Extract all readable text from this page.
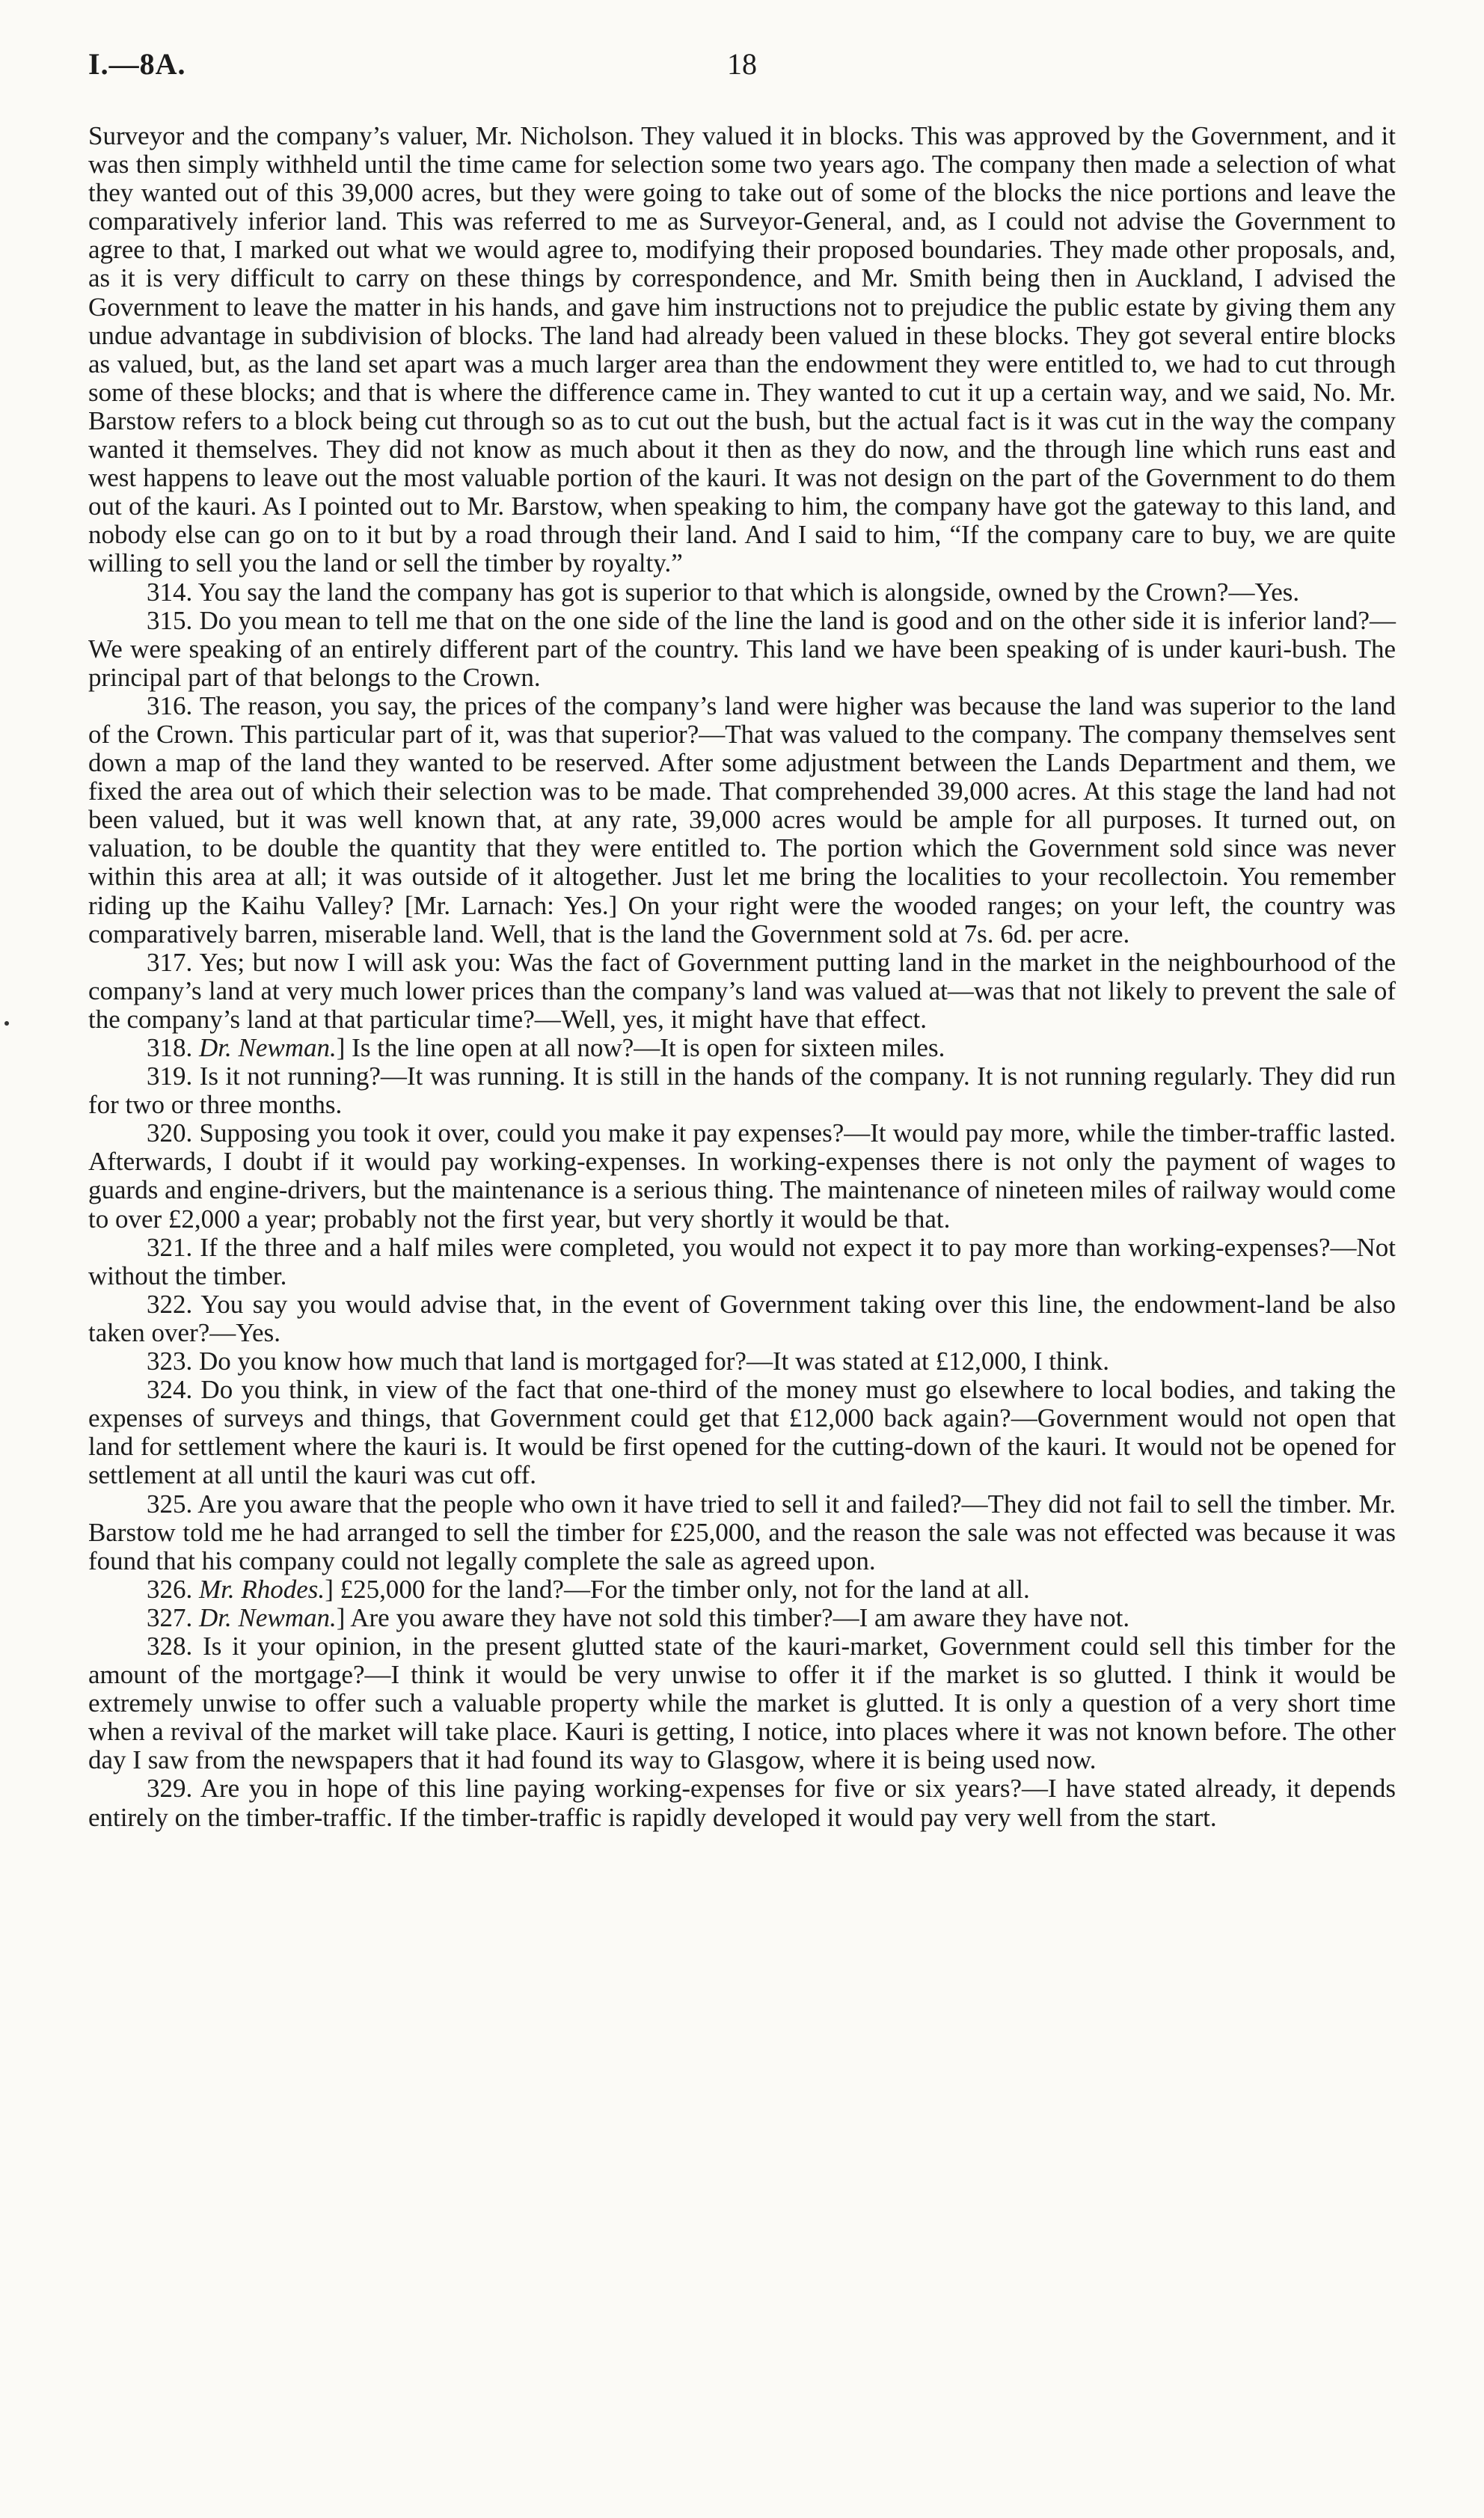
I.—8A.	18

Surveyor and the company’s valuer, Mr. Nicholson. They valued it in blocks. This was approved by the Government, and it was then simply withheld until the time came for selection some two years ago. The company then made a selection of what they wanted out of this 39,000 acres, but they were going to take out of some of the blocks the nice portions and leave the comparatively inferior land. This was referred to me as Surveyor-General, and, as I could not advise the Government to agree to that, I marked out what we would agree to, modifying their proposed boundaries. They made other proposals, and, as it is very difficult to carry on these things by correspondence, and Mr. Smith being then in Auckland, I advised the Government to leave the matter in his hands, and gave him instructions not to prejudice the public estate by giving them any undue advantage in subdivision of blocks. The land had already been valued in these blocks. They got several entire blocks as valued, but, as the land set apart was a much larger area than the endowment they were entitled to, we had to cut through some of these blocks; and that is where the difference came in. They wanted to cut it up a certain way, and we said, No. Mr. Barstow refers to a block being cut through so as to cut out the bush, but the actual fact is it was cut in the way the company wanted it themselves. They did not know as much about it then as they do now, and the through line which runs east and west happens to leave out the most valuable portion of the kauri. It was not design on the part of the Government to do them out of the kauri. As I pointed out to Mr. Barstow, when speaking to him, the company have got the gateway to this land, and nobody else can go on to it but by a road through their land. And I said to him, “If the company care to buy, we are quite willing to sell you the land or sell the timber by royalty.”

314. You say the land the company has got is superior to that which is alongside, owned by the Crown?—Yes.

315. Do you mean to tell me that on the one side of the line the land is good and on the other side it is inferior land?—We were speaking of an entirely different part of the country. This land we have been speaking of is under kauri-bush. The principal part of that belongs to the Crown.

316. The reason, you say, the prices of the company’s land were higher was because the land was superior to the land of the Crown. This particular part of it, was that superior?—That was valued to the company. The company themselves sent down a map of the land they wanted to be reserved. After some adjustment between the Lands Department and them, we fixed the area out of which their selection was to be made. That comprehended 39,000 acres. At this stage the land had not been valued, but it was well known that, at any rate, 39,000 acres would be ample for all purposes. It turned out, on valuation, to be double the quantity that they were entitled to. The portion which the Government sold since was never within this area at all; it was outside of it altogether. Just let me bring the localities to your recollectoin. You remember riding up the Kaihu Valley? [Mr. Larnach: Yes.] On your right were the wooded ranges; on your left, the country was comparatively barren, miserable land. Well, that is the land the Government sold at 7s. 6d. per acre.

317. Yes; but now I will ask you: Was the fact of Government putting land in the market in the neighbourhood of the company’s land at very much lower prices than the company’s land was valued at—was that not likely to prevent the sale of the company’s land at that particular time?—Well, yes, it might have that effect.

318. Dr. Newman.] Is the line open at all now?—It is open for sixteen miles.

319. Is it not running?—It was running. It is still in the hands of the company. It is not running regularly. They did run for two or three months.

320. Supposing you took it over, could you make it pay expenses?—It would pay more, while the timber-traffic lasted. Afterwards, I doubt if it would pay working-expenses. In working-expenses there is not only the payment of wages to guards and engine-drivers, but the maintenance is a serious thing. The maintenance of nineteen miles of railway would come to over £2,000 a year; probably not the first year, but very shortly it would be that.

321. If the three and a half miles were completed, you would not expect it to pay more than working-expenses?—Not without the timber.

322. You say you would advise that, in the event of Government taking over this line, the endowment-land be also taken over?—Yes.

323. Do you know how much that land is mortgaged for?—It was stated at £12,000, I think.

324. Do you think, in view of the fact that one-third of the money must go elsewhere to local bodies, and taking the expenses of surveys and things, that Government could get that £12,000 back again?—Government would not open that land for settlement where the kauri is. It would be first opened for the cutting-down of the kauri. It would not be opened for settlement at all until the kauri was cut off.

325. Are you aware that the people who own it have tried to sell it and failed?—They did not fail to sell the timber. Mr. Barstow told me he had arranged to sell the timber for £25,000, and the reason the sale was not effected was because it was found that his company could not legally complete the sale as agreed upon.

326. Mr. Rhodes.] £25,000 for the land?—For the timber only, not for the land at all.

327. Dr. Newman.] Are you aware they have not sold this timber?—I am aware they have not.

328. Is it your opinion, in the present glutted state of the kauri-market, Government could sell this timber for the amount of the mortgage?—I think it would be very unwise to offer it if the market is so glutted. I think it would be extremely unwise to offer such a valuable property while the market is glutted. It is only a question of a very short time when a revival of the market will take place. Kauri is getting, I notice, into places where it was not known before. The other day I saw from the newspapers that it had found its way to Glasgow, where it is being used now.

329. Are you in hope of this line paying working-expenses for five or six years?—I have stated already, it depends entirely on the timber-traffic. If the timber-traffic is rapidly developed it would pay very well from the start.
